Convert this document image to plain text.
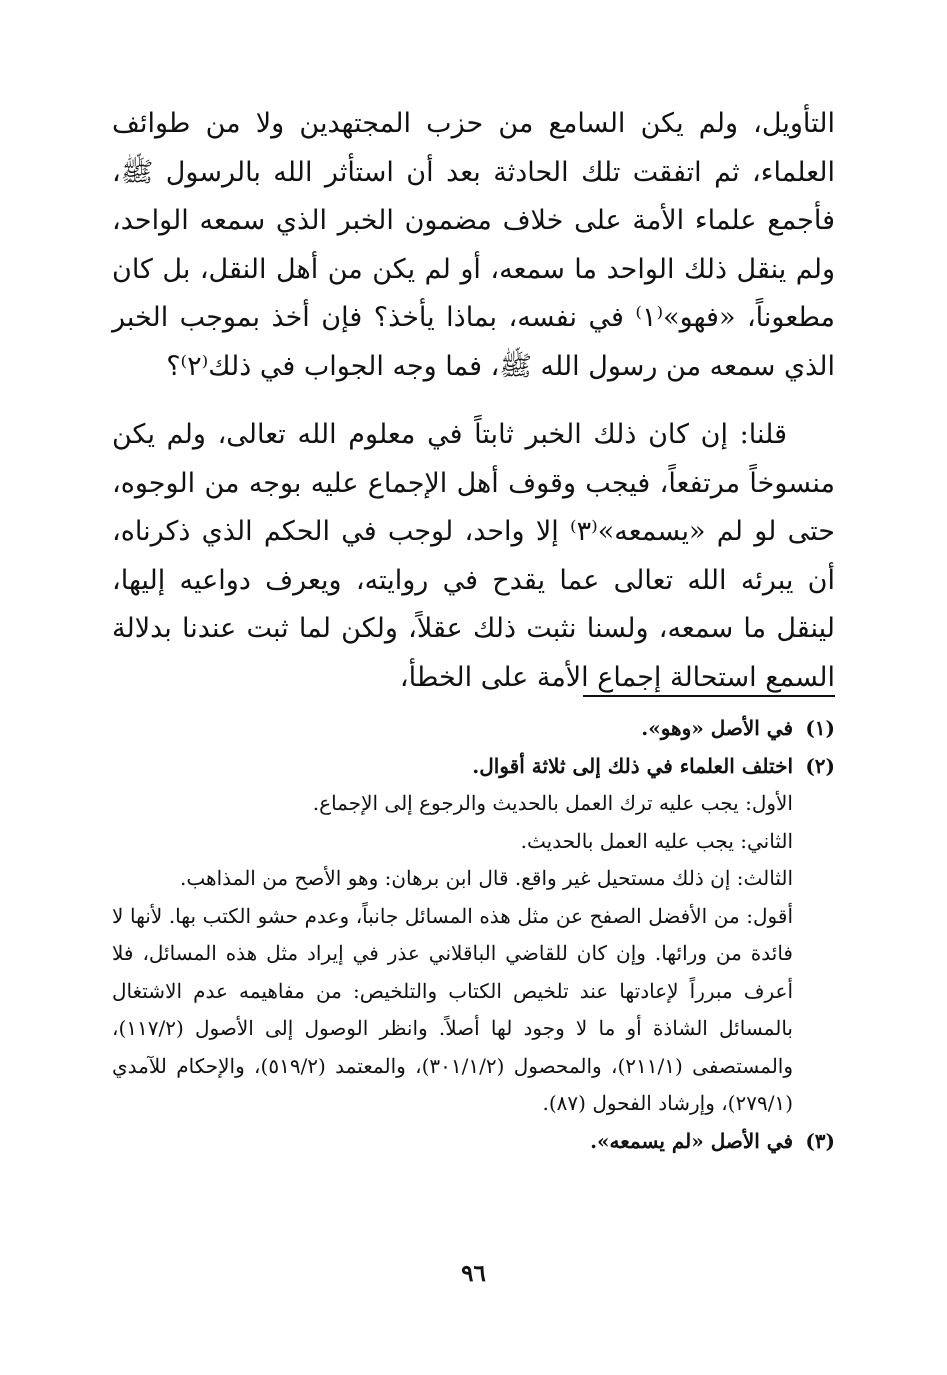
التأويل، ولم يكن السامع من حزب المجتهدين ولا من طوائف العلماء، ثم اتفقت تلك الحادثة بعد أن استأثر الله بالرسول ﷺ، فأجمع علماء الأمة على خلاف مضمون الخبر الذي سمعه الواحد، ولم ينقل ذلك الواحد ما سمعه، أو لم يكن من أهل النقل، بل كان مطعوناً، «فهو»⁽١⁾ في نفسه، بماذا يأخذ؟ فإن أخذ بموجب الخبر الذي سمعه من رسول الله ﷺ، فما وجه الجواب في ذلك⁽٢⁾؟

قلنا: إن كان ذلك الخبر ثابتاً في معلوم الله تعالى، ولم يكن منسوخاً مرتفعاً، فيجب وقوف أهل الإجماع عليه بوجه من الوجوه، حتى لو لم «يسمعه»⁽٣⁾ إلا واحد، لوجب في الحكم الذي ذكرناه، أن يبرئه الله تعالى عما يقدح في روايته، ويعرف دواعيه إليها، لينقل ما سمعه، ولسنا نثبت ذلك عقلاً، ولكن لما ثبت عندنا بدلالة السمع استحالة إجماع الأمة على الخطأ،

(١)
في الأصل «وهو».
(٢)
اختلف العلماء في ذلك إلى ثلاثة أقوال.
الأول: يجب عليه ترك العمل بالحديث والرجوع إلى الإجماع.
الثاني: يجب عليه العمل بالحديث.
الثالث: إن ذلك مستحيل غير واقع. قال ابن برهان: وهو الأصح من المذاهب.
أقول: من الأفضل الصفح عن مثل هذه المسائل جانباً، وعدم حشو الكتب بها. لأنها لا فائدة من ورائها. وإن كان للقاضي الباقلاني عذر في إيراد مثل هذه المسائل، فلا أعرف مبرراً لإعادتها عند تلخيص الكتاب والتلخيص: من مفاهيمه عدم الاشتغال بالمسائل الشاذة أو ما لا وجود لها أصلاً. وانظر الوصول إلى الأصول (١١٧/٢)، والمستصفى (٢١١/١)، والمحصول (٣٠١/١/٢)، والمعتمد (٥١٩/٢)، والإحكام للآمدي (٢٧٩/١)، وإرشاد الفحول (٨٧).
(٣)
في الأصل «لم يسمعه».
٩٦
